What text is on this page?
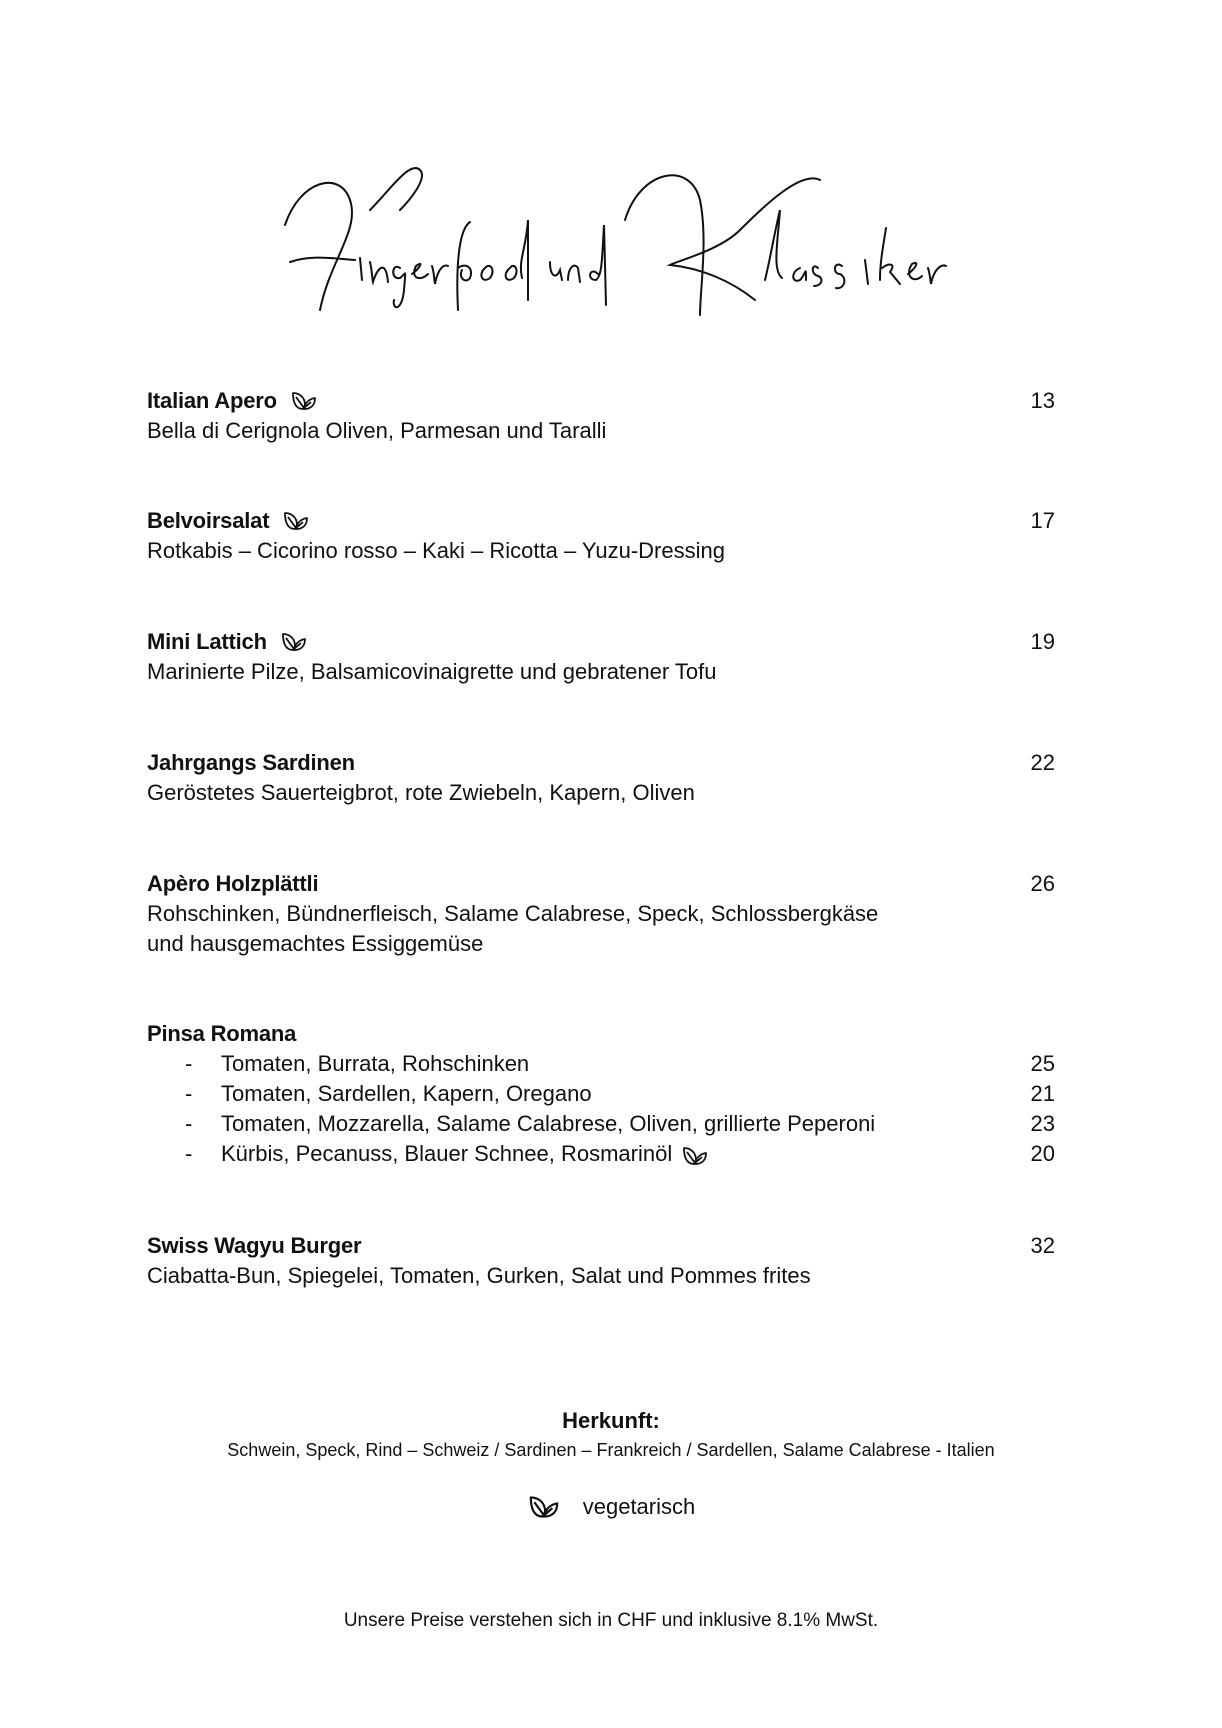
Italian Apero	13
Bella di Cerignola Oliven, Parmesan und Taralli
Belvoirsalat	17
Rotkabis – Cicorino rosso – Kaki – Ricotta – Yuzu-Dressing
Mini Lattich	19
Marinierte Pilze, Balsamicovinaigrette und gebratener Tofu
Jahrgangs Sardinen	22
Geröstetes Sauerteigbrot, rote Zwiebeln, Kapern, Oliven
Apèro Holzplättli	26
Rohschinken, Bündnerfleisch, Salame Calabrese, Speck, Schlossbergkäse
und hausgemachtes Essiggemüse
Pinsa Romana
- Tomaten, Burrata, Rohschinken	25
- Tomaten, Sardellen, Kapern, Oregano	21
- Tomaten, Mozzarella, Salame Calabrese, Oliven, grillierte Peperoni	23
- Kürbis, Pecanuss, Blauer Schnee, Rosmarinöl	20
Swiss Wagyu Burger	32
Ciabatta-Bun, Spiegelei, Tomaten, Gurken, Salat und Pommes frites
Herkunft:
Schwein, Speck, Rind – Schweiz / Sardinen – Frankreich / Sardellen, Salame Calabrese - Italien
vegetarisch
Unsere Preise verstehen sich in CHF und inklusive 8.1% MwSt.
